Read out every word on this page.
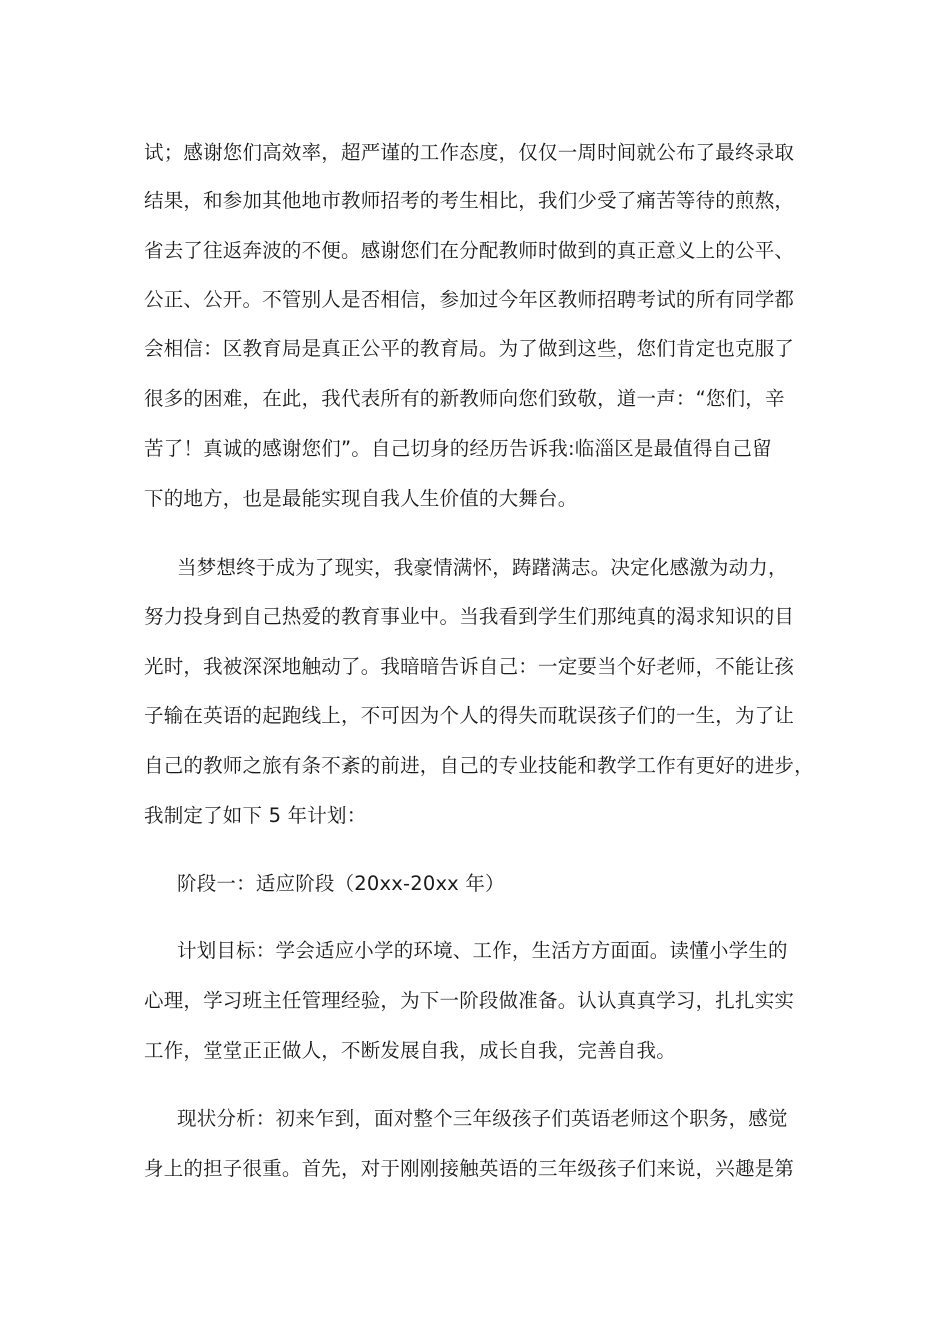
试；感谢您们高效率，超严谨的工作态度，仅仅一周时间就公布了最终录取
结果，和参加其他地市教师招考的考生相比，我们少受了痛苦等待的煎熬，
省去了往返奔波的不便。感谢您们在分配教师时做到的真正意义上的公平、
公正、公开。不管别人是否相信，参加过今年区教师招聘考试的所有同学都
会相信：区教育局是真正公平的教育局。为了做到这些，您们肯定也克服了
很多的困难，在此，我代表所有的新教师向您们致敬，道一声：“您们，辛
苦了！真诚的感谢您们”。自己切身的经历告诉我:临淄区是最值得自己留
下的地方，也是最能实现自我人生价值的大舞台。
当梦想终于成为了现实，我豪情满怀，踌躇满志。决定化感激为动力，
努力投身到自己热爱的教育事业中。当我看到学生们那纯真的渴求知识的目
光时，我被深深地触动了。我暗暗告诉自己：一定要当个好老师，不能让孩
子输在英语的起跑线上，不可因为个人的得失而耽误孩子们的一生，为了让
自己的教师之旅有条不紊的前进，自己的专业技能和教学工作有更好的进步，
我制定了如下 5 年计划：
阶段一：适应阶段（20xx-20xx 年）
计划目标：学会适应小学的环境、工作，生活方方面面。读懂小学生的
心理，学习班主任管理经验，为下一阶段做准备。认认真真学习，扎扎实实
工作，堂堂正正做人，不断发展自我，成长自我，完善自我。
现状分析：初来乍到，面对整个三年级孩子们英语老师这个职务，感觉
身上的担子很重。首先，对于刚刚接触英语的三年级孩子们来说，兴趣是第
